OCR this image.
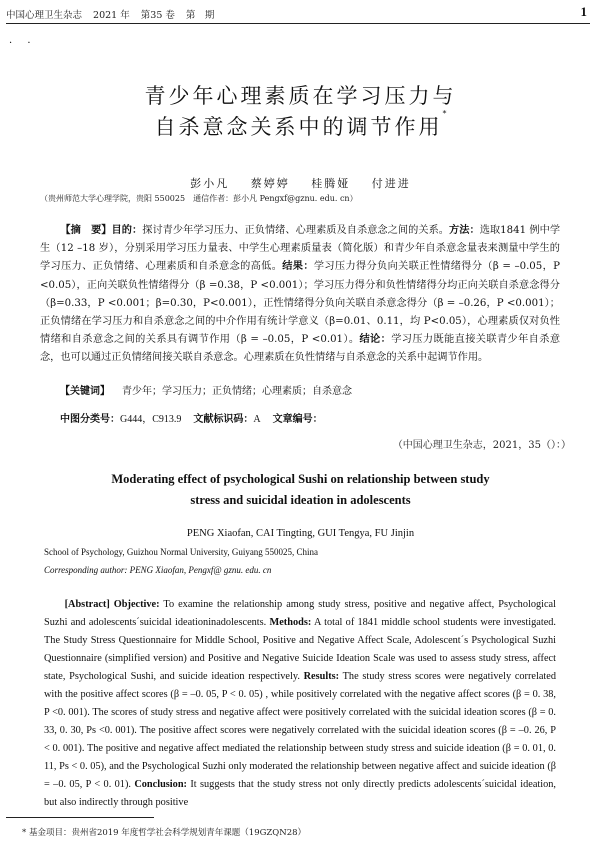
中国心理卫生杂志 2021 年 第35 卷 第　期	1
· ·
青少年心理素质在学习压力与
自杀意念关系中的调节作用*
彭小凡 蔡婷婷 桂腾娅 付进进
（贵州师范大学心理学院，贵阳 550025　通信作者：彭小凡 Pengxf@gznu. edu. cn）

【摘　要】目的：探讨青少年学习压力、正负情绪、心理素质及自杀意念之间的关系。方法：选取1841 例中学生（12 –18 岁），分别采用学习压力量表、中学生心理素质量表（简化版）和青少年自杀意念量表来测量中学生的学习压力、正负情绪、心理素质和自杀意念的高低。结果：学习压力得分负向关联正性情绪得分（β = –0.05，P <0.05），正向关联负性情绪得分（β =0.38，P <0.001）；学习压力得分和负性情绪得分均正向关联自杀意念得分（β=0.33，P <0.001；β=0.30，P<0.001），正性情绪得分负向关联自杀意念得分（β = –0.26，P <0.001）；正负情绪在学习压力和自杀意念之间的中介作用有统计学意义（β=0.01、0.11，均 P<0.05），心理素质仅对负性情绪和自杀意念之间的关系具有调节作用（β = –0.05，P <0.01）。结论：学习压力既能直接关联青少年自杀意念，也可以通过正负情绪间接关联自杀意念。心理素质在负性情绪与自杀意念的关系中起调节作用。

【关键词】 青少年；学习压力；正负情绪；心理素质；自杀意念
中图分类号：G444，C913.9 文献标识码：A 文章编号：
（中国心理卫生杂志，2021，35（）：）
Moderating effect of psychological Sushi on relationship between study
stress and suicidal ideation in adolescents
PENG Xiaofan, CAI Tingting, GUI Tengya, FU Jinjin
School of Psychology, Guizhou Normal University, Guiyang 550025, China
Corresponding author: PENG Xiaofan, Pengxf@ gznu. edu. cn

[Abstract] Objective: To examine the relationship among study stress, positive and negative affect, Psychological Suzhi and adolescents´suicidal ideationinadolescents. Methods: A total of 1841 middle school students were investigated. The Study Stress Questionnaire for Middle School, Positive and Negative Affect Scale, Adolescent´s Psychological Suzhi Questionnaire (simplified version) and Positive and Negative Suicide Ideation Scale was used to assess study stress, affect state, Psychological Sushi, and suicide ideation respectively. Results: The study stress scores were negatively correlated with the positive affect scores (β = –0. 05, P < 0. 05) , while positively correlated with the negative affect scores (β = 0. 38, P <0. 001). The scores of study stress and negative affect were positively correlated with the suicidal ideation scores (β = 0. 33, 0. 30, Ps <0. 001). The positive affect scores were negatively correlated with the suicidal ideation scores (β = –0. 26, P < 0. 001). The positive and negative affect mediated the relationship between study stress and suicide ideation (β = 0. 01, 0. 11, Ps < 0. 05), and the Psychological Suzhi only moderated the relationship between negative affect and suicide ideation (β = –0. 05, P < 0. 01). Conclusion: It suggests that the study stress not only directly predicts adolescents´suicidal ideation, but also indirectly through positive

* 基金项目：贵州省2019 年度哲学社会科学规划青年课题（19GZQN28）
